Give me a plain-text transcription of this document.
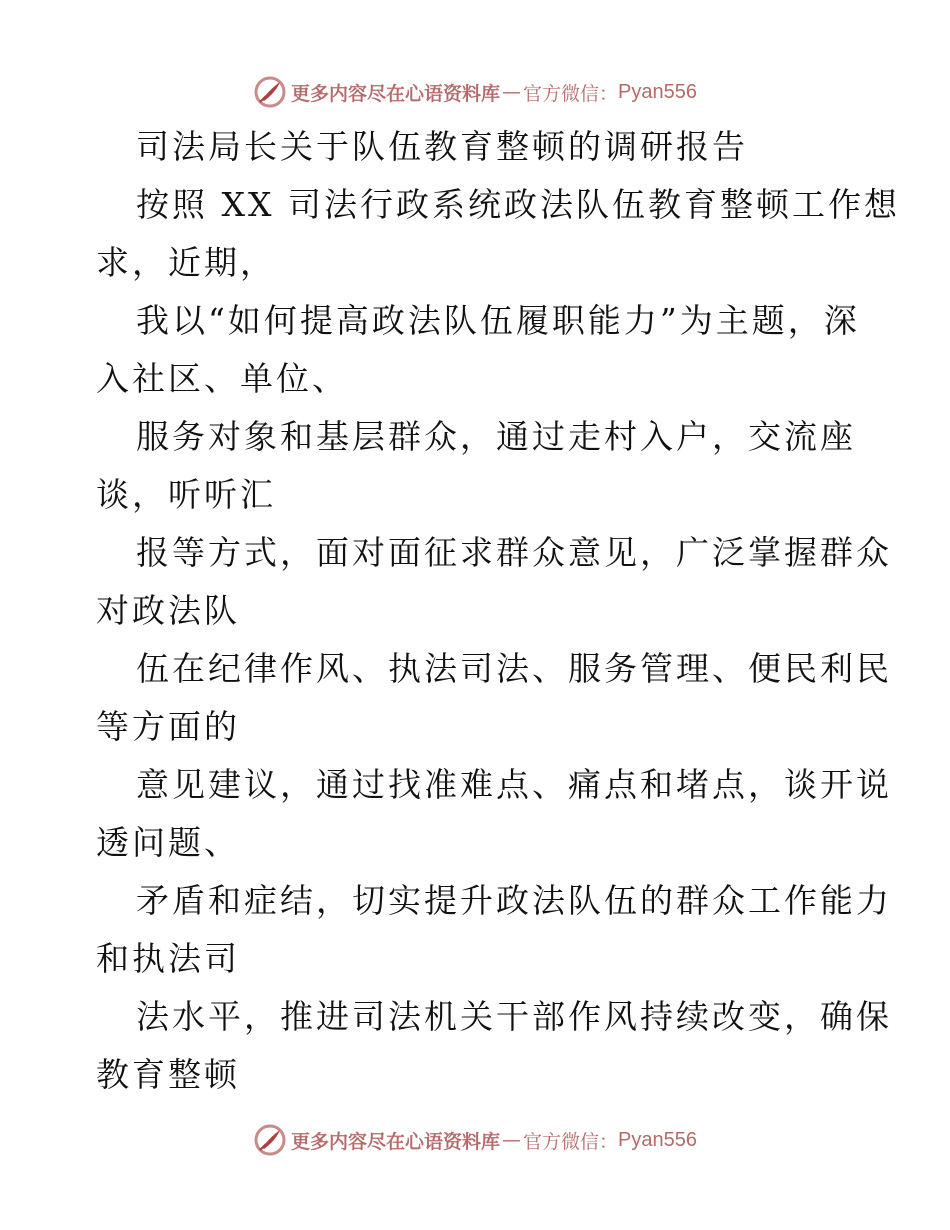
更多内容尽在心语资料库 — 官方微信： Pyan556
司法局长关于队伍教育整顿的调研报告
按照 XX 司法行政系统政法队伍教育整顿工作想
求，近期，
我以“如何提高政法队伍履职能力”为主题，深
入社区、单位、
服务对象和基层群众，通过走村入户，交流座
谈，听听汇
报等方式，面对面征求群众意见，广泛掌握群众
对政法队
伍在纪律作风、执法司法、服务管理、便民利民
等方面的
意见建议，通过找准难点、痛点和堵点，谈开说
透问题、
矛盾和症结，切实提升政法队伍的群众工作能力
和执法司
法水平，推进司法机关干部作风持续改变，确保
教育整顿
更多内容尽在心语资料库 — 官方微信： Pyan556
